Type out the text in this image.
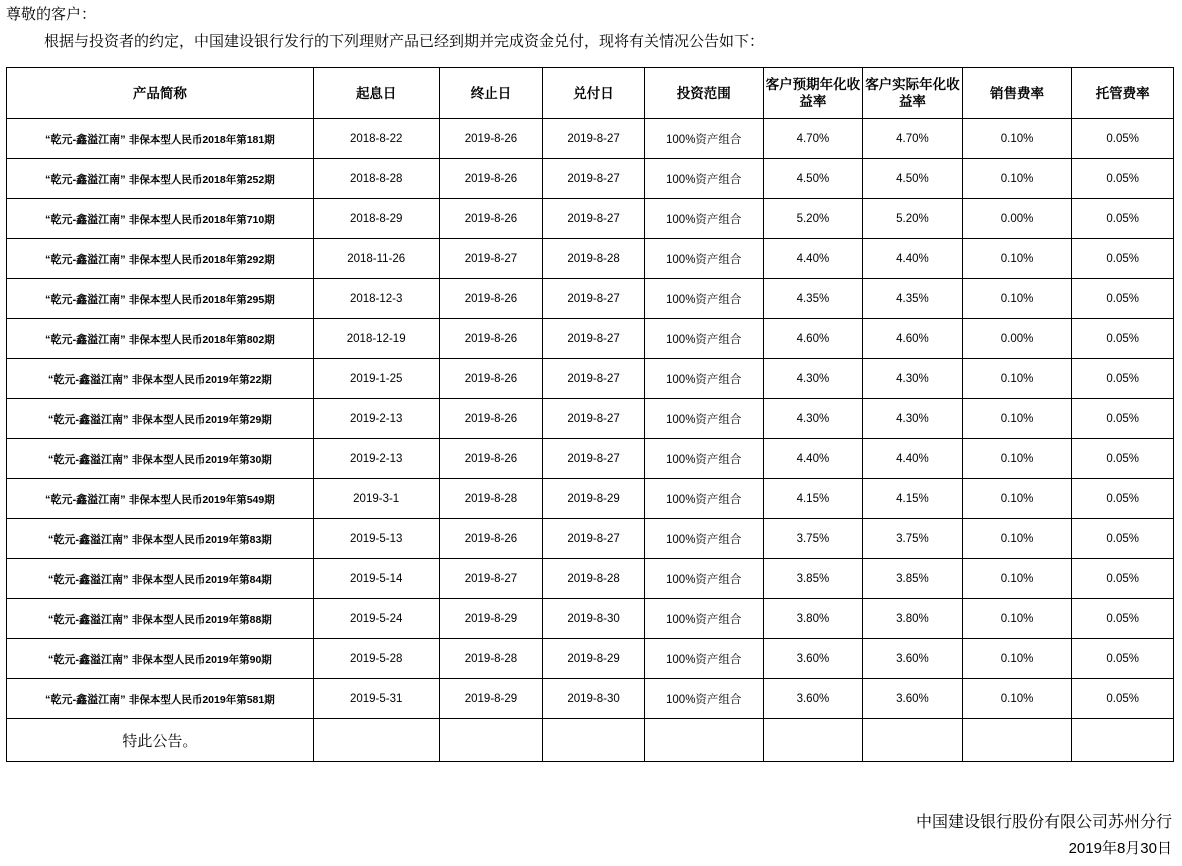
尊敬的客户：
根据与投资者的约定，中国建设银行发行的下列理财产品已经到期并完成资金兑付，现将有关情况公告如下：
产品简称	起息日	终止日	兑付日	投资范围	客户预期年化收益率	客户实际年化收益率	销售费率	托管费率
“乾元-鑫溢江南” 非保本型人民币2018年第181期	2018-8-22	2019-8-26	2019-8-27	100%资产组合	4.70%	4.70%	0.10%	0.05%
“乾元-鑫溢江南” 非保本型人民币2018年第252期	2018-8-28	2019-8-26	2019-8-27	100%资产组合	4.50%	4.50%	0.10%	0.05%
“乾元-鑫溢江南” 非保本型人民币2018年第710期	2018-8-29	2019-8-26	2019-8-27	100%资产组合	5.20%	5.20%	0.00%	0.05%
“乾元-鑫溢江南” 非保本型人民币2018年第292期	2018-11-26	2019-8-27	2019-8-28	100%资产组合	4.40%	4.40%	0.10%	0.05%
“乾元-鑫溢江南” 非保本型人民币2018年第295期	2018-12-3	2019-8-26	2019-8-27	100%资产组合	4.35%	4.35%	0.10%	0.05%
“乾元-鑫溢江南” 非保本型人民币2018年第802期	2018-12-19	2019-8-26	2019-8-27	100%资产组合	4.60%	4.60%	0.00%	0.05%
“乾元-鑫溢江南” 非保本型人民币2019年第22期	2019-1-25	2019-8-26	2019-8-27	100%资产组合	4.30%	4.30%	0.10%	0.05%
“乾元-鑫溢江南” 非保本型人民币2019年第29期	2019-2-13	2019-8-26	2019-8-27	100%资产组合	4.30%	4.30%	0.10%	0.05%
“乾元-鑫溢江南” 非保本型人民币2019年第30期	2019-2-13	2019-8-26	2019-8-27	100%资产组合	4.40%	4.40%	0.10%	0.05%
“乾元-鑫溢江南” 非保本型人民币2019年第549期	2019-3-1	2019-8-28	2019-8-29	100%资产组合	4.15%	4.15%	0.10%	0.05%
“乾元-鑫溢江南” 非保本型人民币2019年第83期	2019-5-13	2019-8-26	2019-8-27	100%资产组合	3.75%	3.75%	0.10%	0.05%
“乾元-鑫溢江南” 非保本型人民币2019年第84期	2019-5-14	2019-8-27	2019-8-28	100%资产组合	3.85%	3.85%	0.10%	0.05%
“乾元-鑫溢江南” 非保本型人民币2019年第88期	2019-5-24	2019-8-29	2019-8-30	100%资产组合	3.80%	3.80%	0.10%	0.05%
“乾元-鑫溢江南” 非保本型人民币2019年第90期	2019-5-28	2019-8-28	2019-8-29	100%资产组合	3.60%	3.60%	0.10%	0.05%
“乾元-鑫溢江南” 非保本型人民币2019年第581期	2019-5-31	2019-8-29	2019-8-30	100%资产组合	3.60%	3.60%	0.10%	0.05%
特此公告。								
中国建设银行股份有限公司苏州分行
2019年8月30日
